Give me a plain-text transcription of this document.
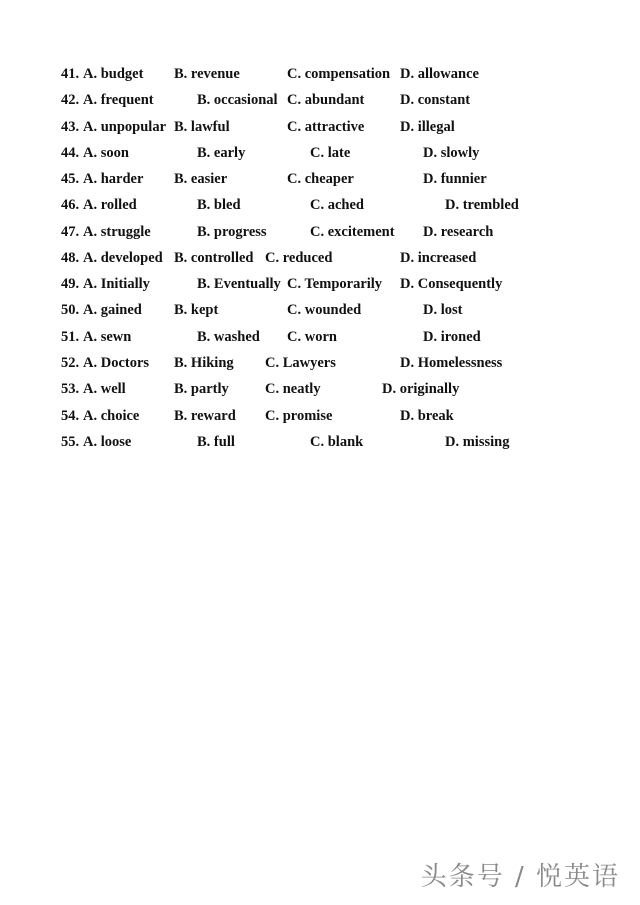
41. A. budget B. revenue	C. compensation D. allowance
42. A. frequent	B. occasional C. abundant D. constant
43. A. unpopular B. lawful	C. attractive D. illegal
44. A. soon	B. early	C. late	D. slowly
45. A. harder B. easier	C. cheaper	D. funnier
46. A. rolled	B. bled	C. ached	D. trembled
47. A. struggle	B. progress	C. excitement D. research
48. A. developed B. controlled C. reduced	D. increased
49. A. Initially	B. Eventually C. Temporarily D. Consequently
50. A. gained B. kept	C. wounded	D. lost
51. A. sewn	B. washed C. worn	D. ironed
52. A. Doctors B. Hiking C. Lawyers	D. Homelessness
53. A. well	B. partly C. neatly	D. originally
54. A. choice B. reward C. promise	D. break
55. A. loose	B. full	C. blank	D. missing
头条号 / 悦英语
